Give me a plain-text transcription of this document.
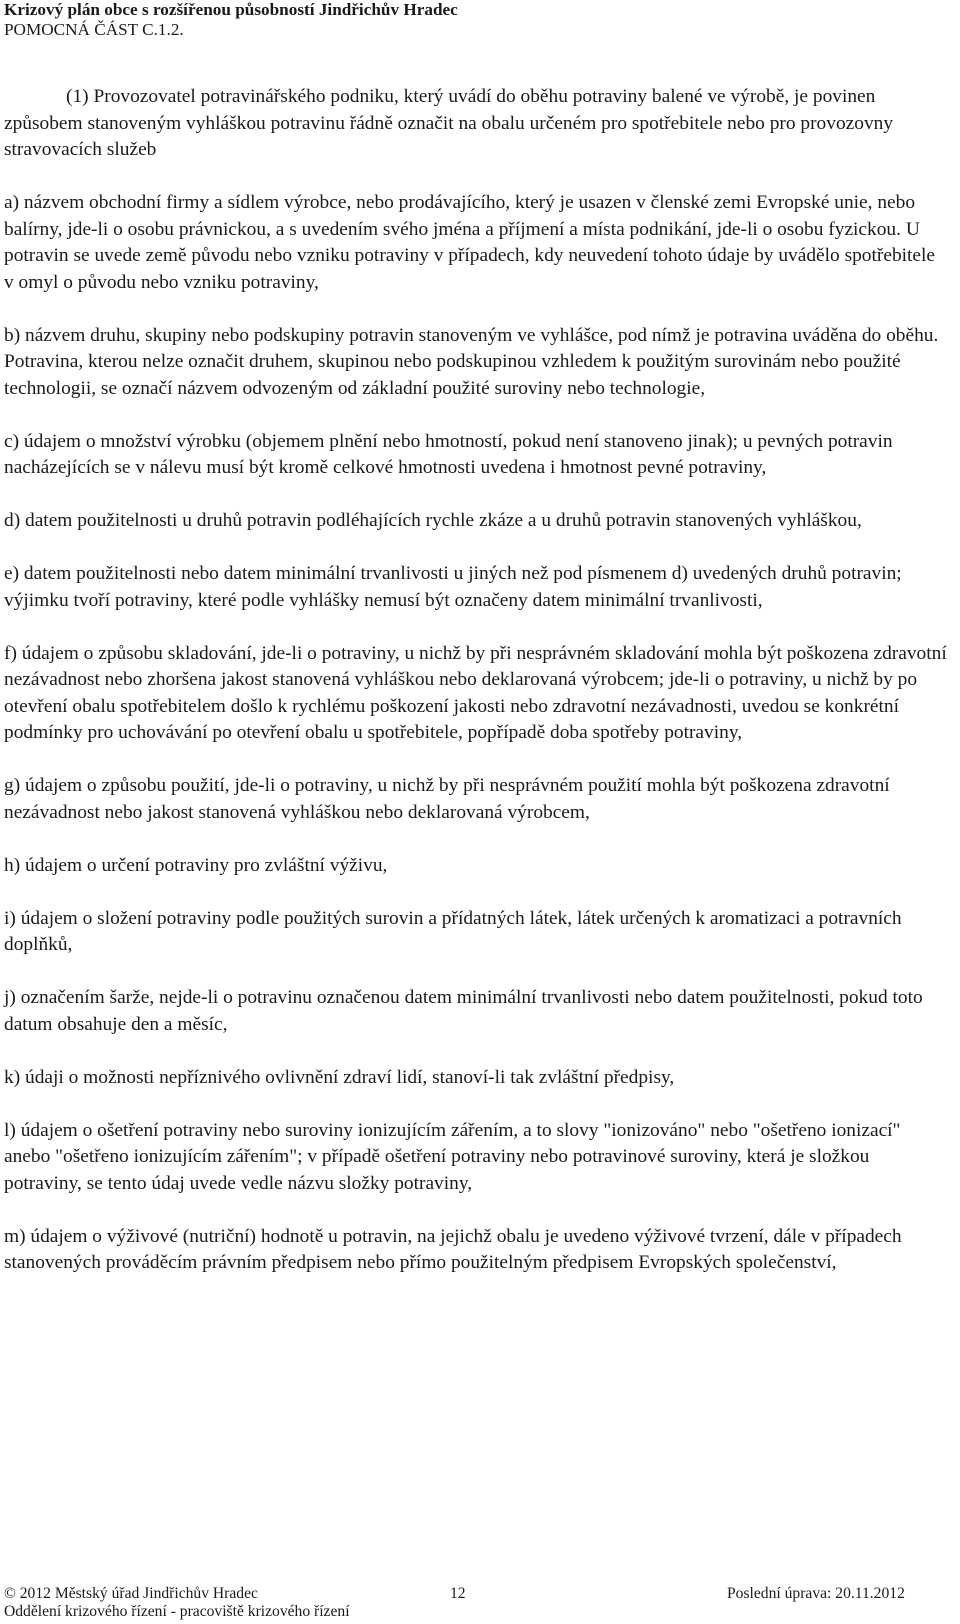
Krizový plán obce s rozšířenou působností Jindřichův Hradec
POMOCNÁ ČÁST C.1.2.

(1) Provozovatel potravinářského podniku, který uvádí do oběhu potraviny balené ve výrobě, je povinen způsobem stanoveným vyhláškou potravinu řádně označit na obalu určeném pro spotřebitele nebo pro provozovny stravovacích služeb

a) názvem obchodní firmy a sídlem výrobce, nebo prodávajícího, který je usazen v členské zemi Evropské unie, nebo balírny, jde-li o osobu právnickou, a s uvedením svého jména a příjmení a místa podnikání, jde-li o osobu fyzickou. U potravin se uvede země původu nebo vzniku potraviny v případech, kdy neuvedení tohoto údaje by uvádělo spotřebitele v omyl o původu nebo vzniku potraviny,

b) názvem druhu, skupiny nebo podskupiny potravin stanoveným ve vyhlášce, pod nímž je potravina uváděna do oběhu. Potravina, kterou nelze označit druhem, skupinou nebo podskupinou vzhledem k použitým surovinám nebo použité technologii, se označí názvem odvozeným od základní použité suroviny nebo technologie,

c) údajem o množství výrobku (objemem plnění nebo hmotností, pokud není stanoveno jinak); u pevných potravin nacházejících se v nálevu musí být kromě celkové hmotnosti uvedena i hmotnost pevné potraviny,

d) datem použitelnosti u druhů potravin podléhajících rychle zkáze a u druhů potravin stanovených vyhláškou,

e) datem použitelnosti nebo datem minimální trvanlivosti u jiných než pod písmenem d) uvedených druhů potravin; výjimku tvoří potraviny, které podle vyhlášky nemusí být označeny datem minimální trvanlivosti,

f) údajem o způsobu skladování, jde-li o potraviny, u nichž by při nesprávném skladování mohla být poškozena zdravotní nezávadnost nebo zhoršena jakost stanovená vyhláškou nebo deklarovaná výrobcem; jde-li o potraviny, u nichž by po otevření obalu spotřebitelem došlo k rychlému poškození jakosti nebo zdravotní nezávadnosti, uvedou se konkrétní podmínky pro uchovávání po otevření obalu u spotřebitele, popřípadě doba spotřeby potraviny,

g) údajem o způsobu použití, jde-li o potraviny, u nichž by při nesprávném použití mohla být poškozena zdravotní nezávadnost nebo jakost stanovená vyhláškou nebo deklarovaná výrobcem,

h) údajem o určení potraviny pro zvláštní výživu,

i) údajem o složení potraviny podle použitých surovin a přídatných látek, látek určených k aromatizaci a potravních doplňků,

j) označením šarže, nejde-li o potravinu označenou datem minimální trvanlivosti nebo datem použitelnosti, pokud toto datum obsahuje den a měsíc,

k) údaji o možnosti nepříznivého ovlivnění zdraví lidí, stanoví-li tak zvláštní předpisy,

l) údajem o ošetření potraviny nebo suroviny ionizujícím zářením, a to slovy "ionizováno" nebo "ošetřeno ionizací" anebo "ošetřeno ionizujícím zářením"; v případě ošetření potraviny nebo potravinové suroviny, která je složkou potraviny, se tento údaj uvede vedle názvu složky potraviny,

m) údajem o výživové (nutriční) hodnotě u potravin, na jejichž obalu je uvedeno výživové tvrzení, dále v případech stanovených prováděcím právním předpisem nebo přímo použitelným předpisem Evropských společenství,

© 2012 Městský úřad Jindřichův Hradec	12	Poslední úprava: 20.11.2012
Oddělení krizového řízení - pracoviště krizového řízení
